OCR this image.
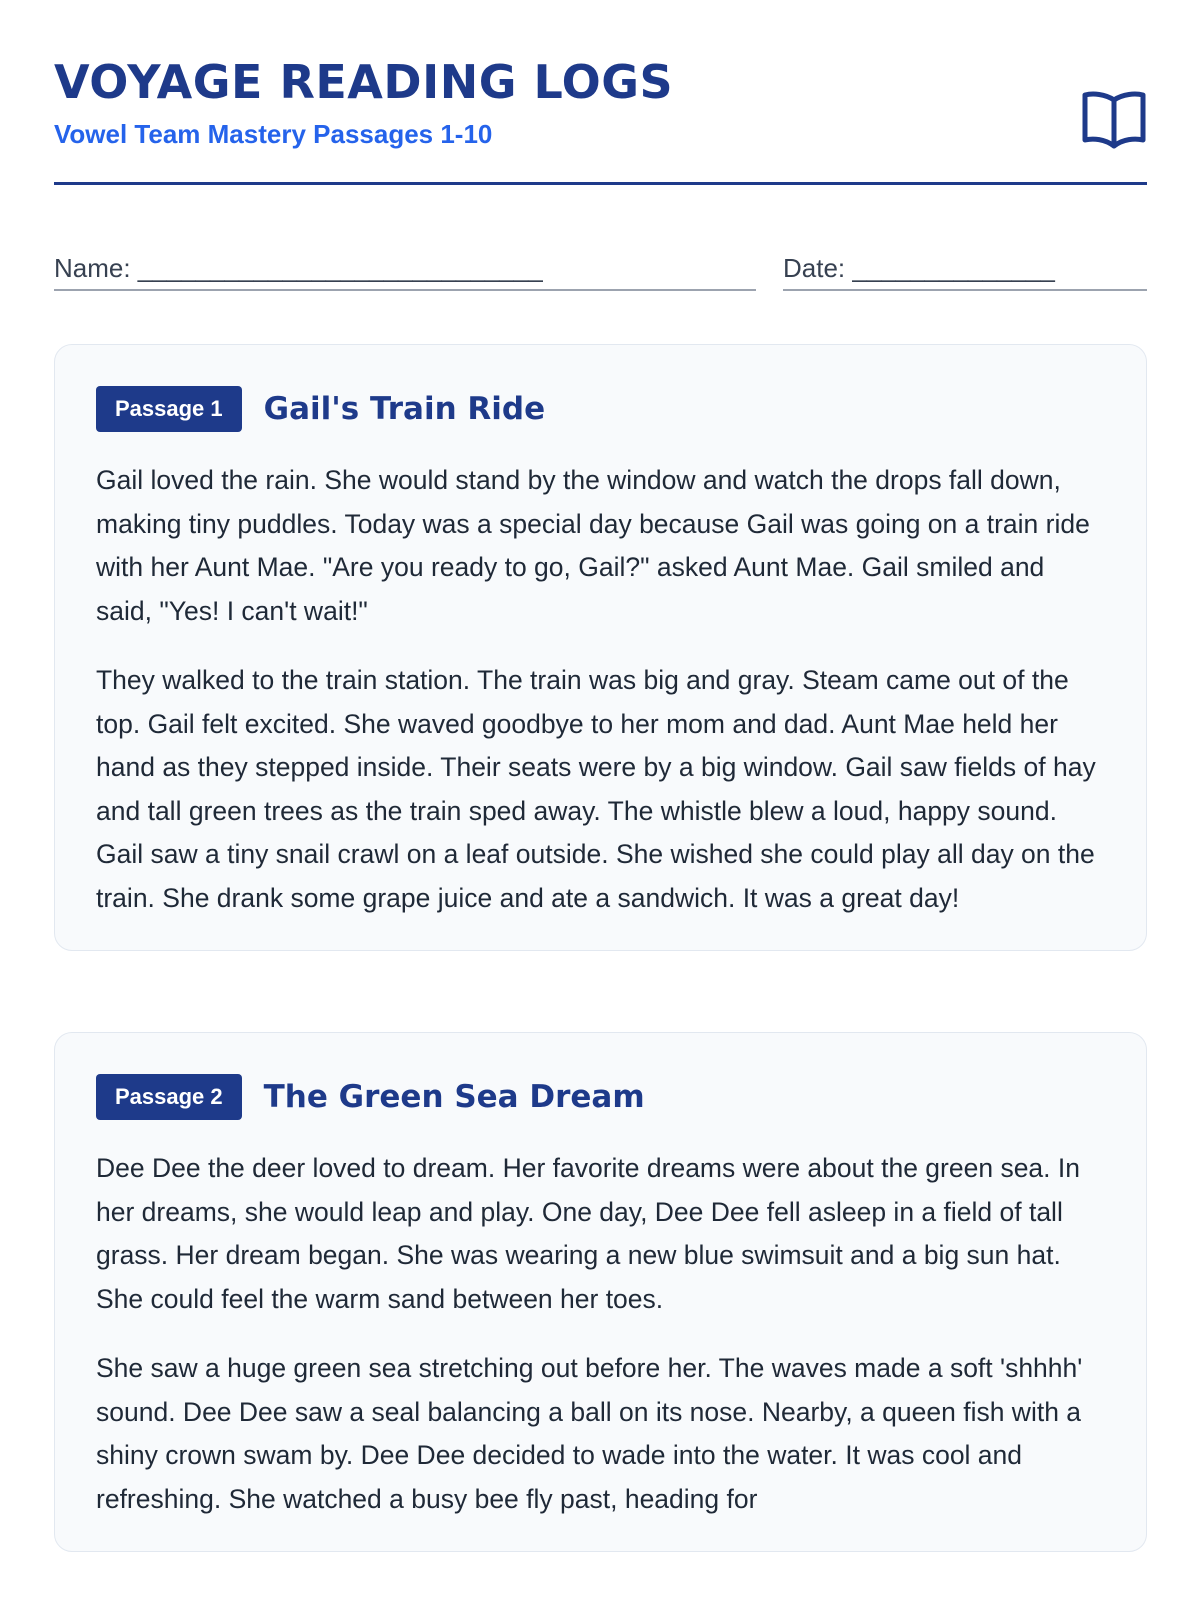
VOYAGE READING LOGS
Vowel Team Mastery Passages 1-10
Name: ____________________________	Date: ______________
Passage 1	Gail's Train Ride

Gail loved the rain. She would stand by the window and watch the drops fall down, making tiny puddles. Today was a special day because Gail was going on a train ride with her Aunt Mae. "Are you ready to go, Gail?" asked Aunt Mae. Gail smiled and said, "Yes! I can't wait!"

They walked to the train station. The train was big and gray. Steam came out of the top. Gail felt excited. She waved goodbye to her mom and dad. Aunt Mae held her hand as they stepped inside. Their seats were by a big window. Gail saw fields of hay and tall green trees as the train sped away. The whistle blew a loud, happy sound. Gail saw a tiny snail crawl on a leaf outside. She wished she could play all day on the train. She drank some grape juice and ate a sandwich. It was a great day!

Passage 2	The Green Sea Dream

Dee Dee the deer loved to dream. Her favorite dreams were about the green sea. In her dreams, she would leap and play. One day, Dee Dee fell asleep in a field of tall grass. Her dream began. She was wearing a new blue swimsuit and a big sun hat. She could feel the warm sand between her toes.

She saw a huge green sea stretching out before her. The waves made a soft 'shhhh' sound. Dee Dee saw a seal balancing a ball on its nose. Nearby, a queen fish with a shiny crown swam by. Dee Dee decided to wade into the water. It was cool and refreshing. She watched a busy bee fly past, heading for
